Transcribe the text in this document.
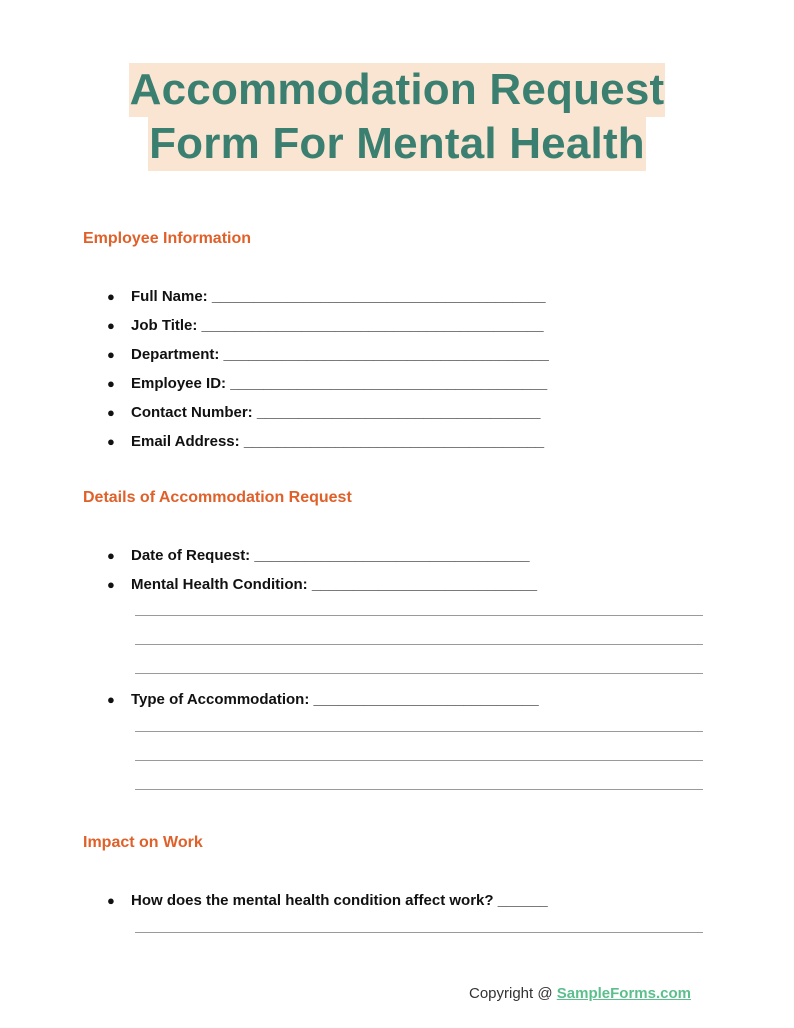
Accommodation Request
Form For Mental Health
Employee Information
● Full Name: ________________________________________
● Job Title: _________________________________________
● Department: _______________________________________
● Employee ID: ______________________________________
● Contact Number: __________________________________
● Email Address: ____________________________________
Details of Accommodation Request
● Date of Request: _________________________________
● Mental Health Condition: ___________________________
● Type of Accommodation: ___________________________
Impact on Work
● How does the mental health condition affect work? ______
Copyright @ SampleForms.com
